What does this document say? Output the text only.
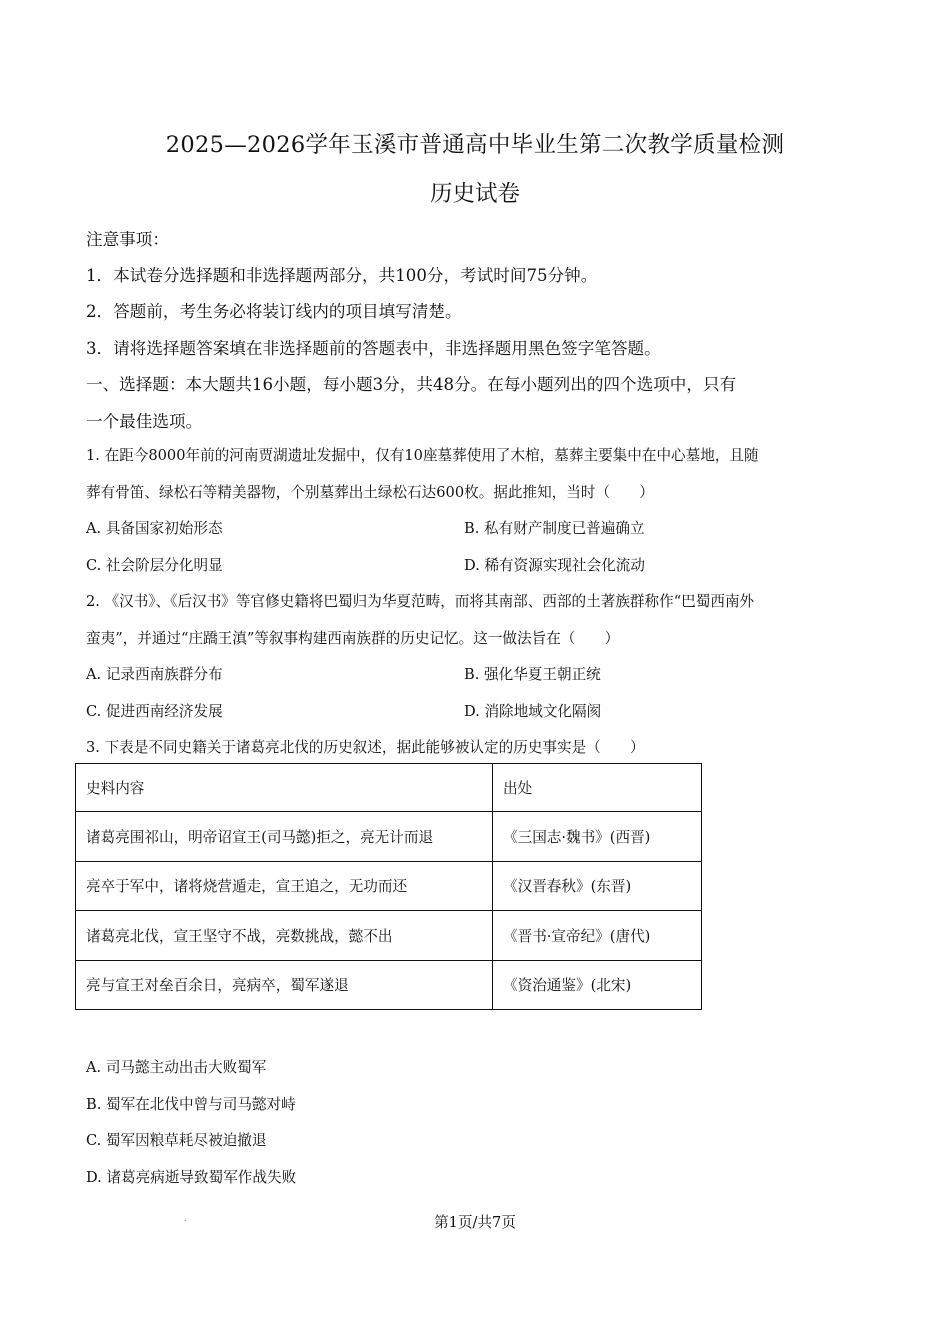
2025—2026学年玉溪市普通高中毕业生第二次教学质量检测
历史试卷
注意事项：
1．本试卷分选择题和非选择题两部分，共100分，考试时间75分钟。
2．答题前，考生务必将装订线内的项目填写清楚。
3．请将选择题答案填在非选择题前的答题表中，非选择题用黑色签字笔答题。
一、选择题：本大题共16小题，每小题3分，共48分。在每小题列出的四个选项中，只有
一个最佳选项。
1. 在距今8000年前的河南贾湖遗址发掘中，仅有10座墓葬使用了木棺，墓葬主要集中在中心墓地，且随
葬有骨笛、绿松石等精美器物，个别墓葬出土绿松石达600枚。据此推知，当时（　　）
A. 具备国家初始形态	B. 私有财产制度已普遍确立
C. 社会阶层分化明显	D. 稀有资源实现社会化流动
2. 《汉书》、《后汉书》等官修史籍将巴蜀归为华夏范畴，而将其南部、西部的土著族群称作“巴蜀西南外
蛮夷”，并通过“庄蹻王滇”等叙事构建西南族群的历史记忆。这一做法旨在（　　）
A. 记录西南族群分布	B. 强化华夏王朝正统
C. 促进西南经济发展	D. 消除地域文化隔阂
3. 下表是不同史籍关于诸葛亮北伐的历史叙述，据此能够被认定的历史事实是（　　）
史料内容	出处
诸葛亮围祁山，明帝诏宣王(司马懿)拒之，亮无计而退	《三国志·魏书》(西晋)
亮卒于军中，诸将烧营遁走，宣王追之，无功而还	《汉晋春秋》(东晋)
诸葛亮北伐，宣王坚守不战，亮数挑战，懿不出	《晋书·宣帝纪》(唐代)
亮与宣王对垒百余日，亮病卒，蜀军遂退	《资治通鉴》(北宋)
A. 司马懿主动出击大败蜀军
B. 蜀军在北伐中曾与司马懿对峙
C. 蜀军因粮草耗尽被迫撤退
D. 诸葛亮病逝导致蜀军作战失败
.	第1页/共7页
